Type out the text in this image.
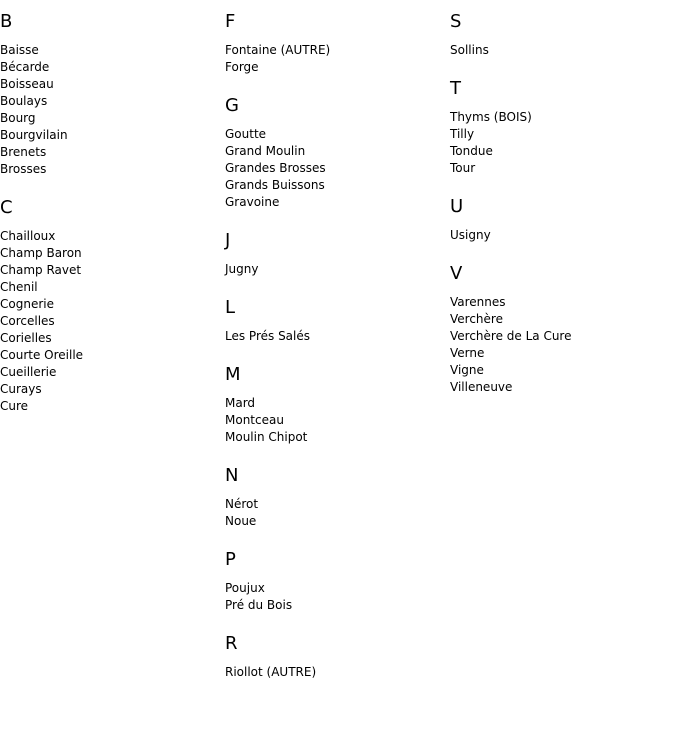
B
Baisse
Bécarde
Boisseau
Boulays
Bourg
Bourgvilain
Brenets
Brosses
C
Chailloux
Champ Baron
Champ Ravet
Chenil
Cognerie
Corcelles
Corielles
Courte Oreille
Cueillerie
Curays
Cure
F
Fontaine (AUTRE)
Forge
G
Goutte
Grand Moulin
Grandes Brosses
Grands Buissons
Gravoine
J
Jugny
L
Les Prés Salés
M
Mard
Montceau
Moulin Chipot
N
Nérot
Noue
P
Poujux
Pré du Bois
R
Riollot (AUTRE)
S
Sollins
T
Thyms (BOIS)
Tilly
Tondue
Tour
U
Usigny
V
Varennes
Verchère
Verchère de La Cure
Verne
Vigne
Villeneuve
